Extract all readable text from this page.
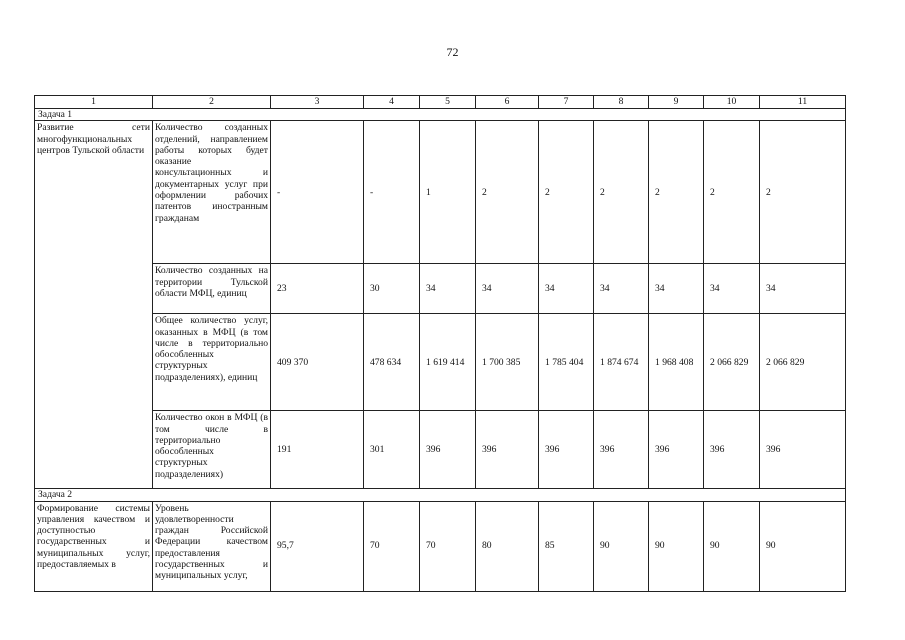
72
1	2	3	4	5	6	7	8	9	10	11
Задача 1										
Развитие сети многофункциональных центров Тульской области	Количество созданных отделений, направлением работы которых будет оказание консультационных и документарных услуг при оформлении рабочих патентов иностранным гражданам	-	-	1	2	2	2	2	2	2
	Количество созданных на территории Тульской области МФЦ, единиц	23	30	34	34	34	34	34	34	34
	Общее количество услуг, оказанных в МФЦ (в том числе в территориально обособленных структурных подразделениях), единиц	409 370	478 634	1 619 414	1 700 385	1 785 404	1 874 674	1 968 408	2 066 829	2 066 829
	Количество окон в МФЦ (в том числе в территориально обособленных структурных подразделениях)	191	301	396	396	396	396	396	396	396
Задача 2										
Формирование системы управления качеством и доступностью государственных и муниципальных услуг, предоставляемых в	Уровень удовлетворенности граждан Российской Федерации качеством предоставления государственных и муниципальных услуг,	95,7	70	70	80	85	90	90	90	90
